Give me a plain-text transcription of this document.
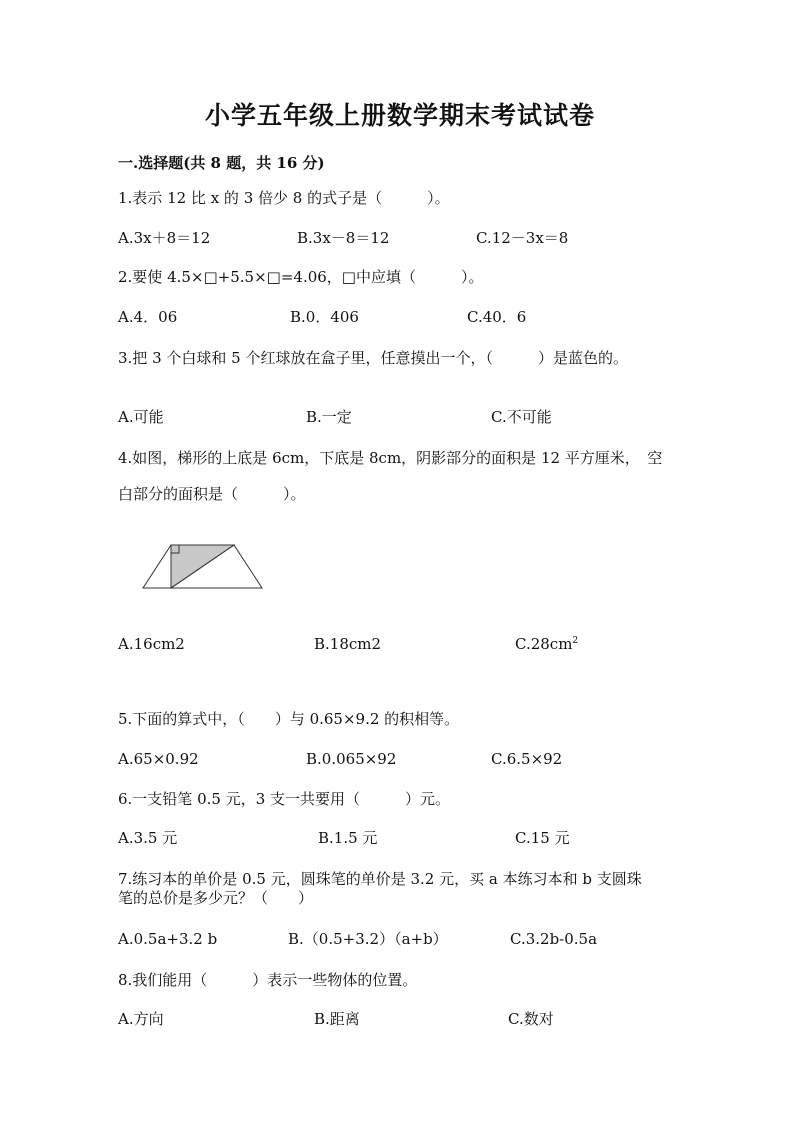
小学五年级上册数学期末考试试卷
一.选择题(共 8 题，共 16 分)
1.表示 12 比 x 的 3 倍少 8 的式子是（　　　）。
A.3x＋8＝12	B.3x－8＝12	C.12－3x＝8
2.要使 4.5×□+5.5×□=4.06，□中应填（　　　）。
A.4．06	B.0．406	C.40．6
3.把 3 个白球和 5 个红球放在盒子里，任意摸出一个，（　　　）是蓝色的。
A.可能	B.一定	C.不可能
4.如图，梯形的上底是 6cm，下底是 8cm，阴影部分的面积是 12 平方厘米，　空
白部分的面积是（　　　）。
A.16cm2	B.18cm2	$C.28cm^2$
5.下面的算式中，（　　）与 0.65×9.2 的积相等。
A.65×0.92	B.0.065×92	C.6.5×92
6.一支铅笔 0.5 元，3 支一共要用（　　　）元。
A.3.5 元	B.1.5 元	C.15 元
7.练习本的单价是 0.5 元，圆珠笔的单价是 3.2 元，买 a 本练习本和 b 支圆珠
笔的总价是多少元？（　　）
A.0.5a+3.2 b	B.（0.5+3.2）（a+b）	C.3.2b-0.5a
8.我们能用（　　　）表示一些物体的位置。
A.方向	B.距离	C.数对
